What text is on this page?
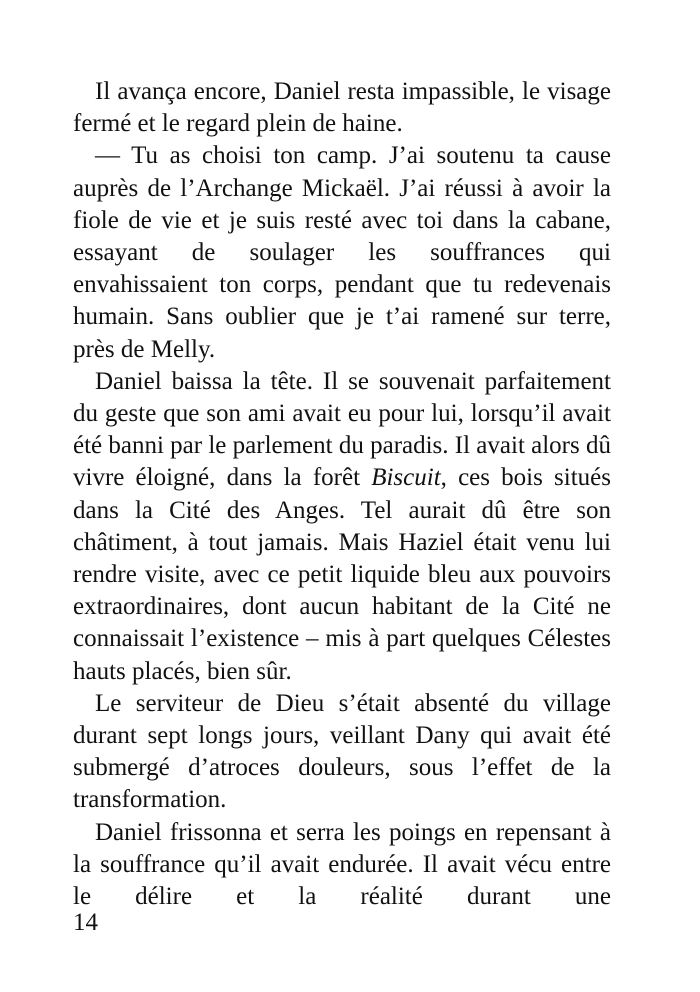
Il avança encore, Daniel resta impassible, le visage fermé et le regard plein de haine.

— Tu as choisi ton camp. J’ai soutenu ta cause auprès de l’Archange Mickaël. J’ai réussi à avoir la fiole de vie et je suis resté avec toi dans la cabane, essayant de soulager les souffrances qui envahissaient ton corps, pendant que tu redevenais humain. Sans oublier que je t’ai ramené sur terre, près de Melly.

Daniel baissa la tête. Il se souvenait parfaitement du geste que son ami avait eu pour lui, lorsqu’il avait été banni par le parlement du paradis. Il avait alors dû vivre éloigné, dans la forêt Biscuit, ces bois situés dans la Cité des Anges. Tel aurait dû être son châtiment, à tout jamais. Mais Haziel était venu lui rendre visite, avec ce petit liquide bleu aux pouvoirs extraordinaires, dont aucun habitant de la Cité ne connaissait l’existence – mis à part quelques Célestes hauts placés, bien sûr.

Le serviteur de Dieu s’était absenté du village durant sept longs jours, veillant Dany qui avait été submergé d’atroces douleurs, sous l’effet de la transformation.

Daniel frissonna et serra les poings en repensant à la souffrance qu’il avait endurée. Il avait vécu entre le délire et la réalité durant une

14
